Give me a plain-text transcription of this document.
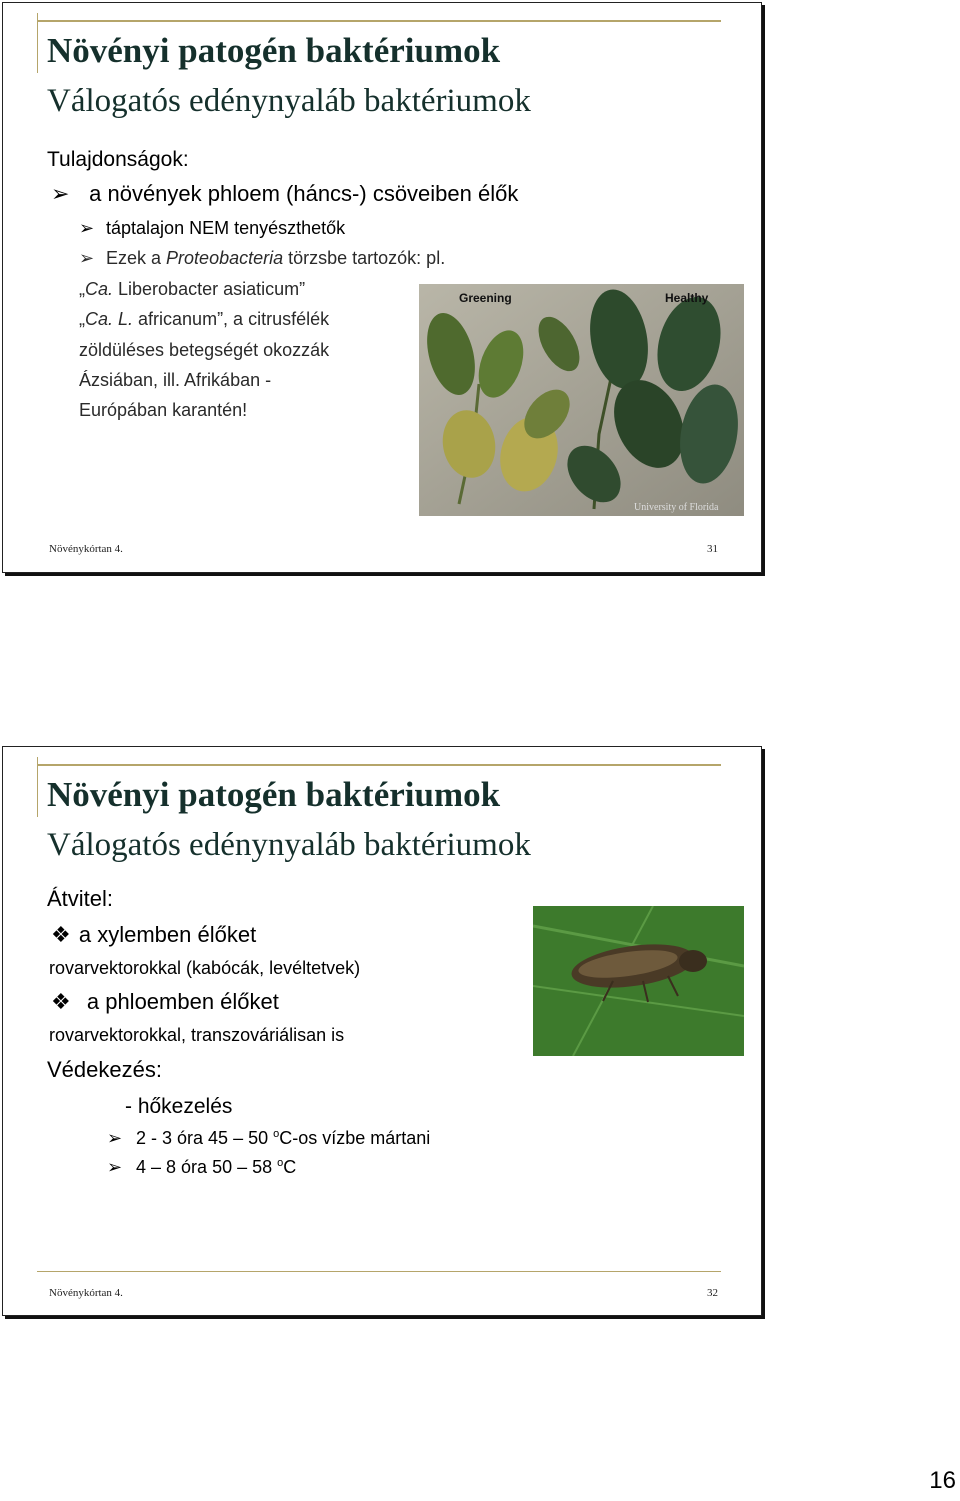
Növényi patogén baktériumok
Válogatós edénynyaláb baktériumok
Tulajdonságok:
➢ a növények phloem (háncs-) csöveiben élők
➢ táptalajon NEM tenyészthetők
➢ Ezek a Proteobacteria törzsbe tartozók: pl.
„Ca. Liberobacter asiaticum”
„Ca. L. africanum”, a citrusfélék
zöldüléses betegségét okozzák
Ázsiában, ill. Afrikában -
Európában karantén!
Greening	Healthy
University of Florida
Növénykórtan 4.	31
Növényi patogén baktériumok
Válogatós edénynyaláb baktériumok
Átvitel:
❖ a xylemben élőket
rovarvektorokkal (kabócák, levéltetvek)
❖ a phloemben élőket
rovarvektorokkal, transzováriálisan is
Védekezés:
- hőkezelés
➢ 2 - 3 óra 45 – 50 $^o$C-os vízbe mártani
➢ 4 – 8 óra 50 – 58 $^o$C
Növénykórtan 4.	32
16
